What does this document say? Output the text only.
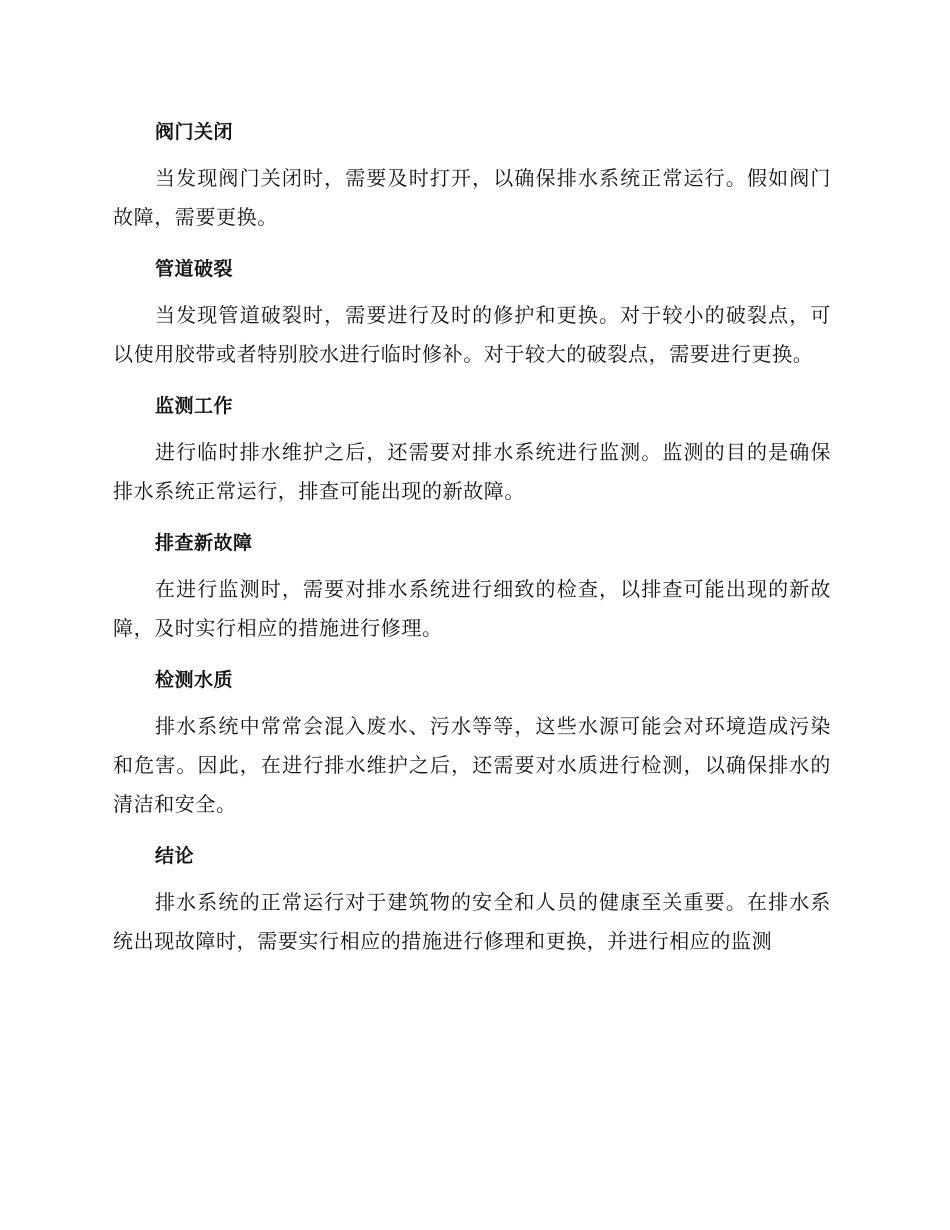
阀门关闭

当发现阀门关闭时，需要及时打开，以确保排水系统正常运行。假如阀门故障，需要更换。

管道破裂

当发现管道破裂时，需要进行及时的修护和更换。对于较小的破裂点，可以使用胶带或者特别胶水进行临时修补。对于较大的破裂点，需要进行更换。

监测工作

进行临时排水维护之后，还需要对排水系统进行监测。监测的目的是确保排水系统正常运行，排查可能出现的新故障。

排查新故障

在进行监测时，需要对排水系统进行细致的检查，以排查可能出现的新故障，及时实行相应的措施进行修理。

检测水质

排水系统中常常会混入废水、污水等等，这些水源可能会对环境造成污染和危害。因此，在进行排水维护之后，还需要对水质进行检测，以确保排水的清洁和安全。

结论

排水系统的正常运行对于建筑物的安全和人员的健康至关重要。在排水系统出现故障时，需要实行相应的措施进行修理和更换，并进行相应的监测
